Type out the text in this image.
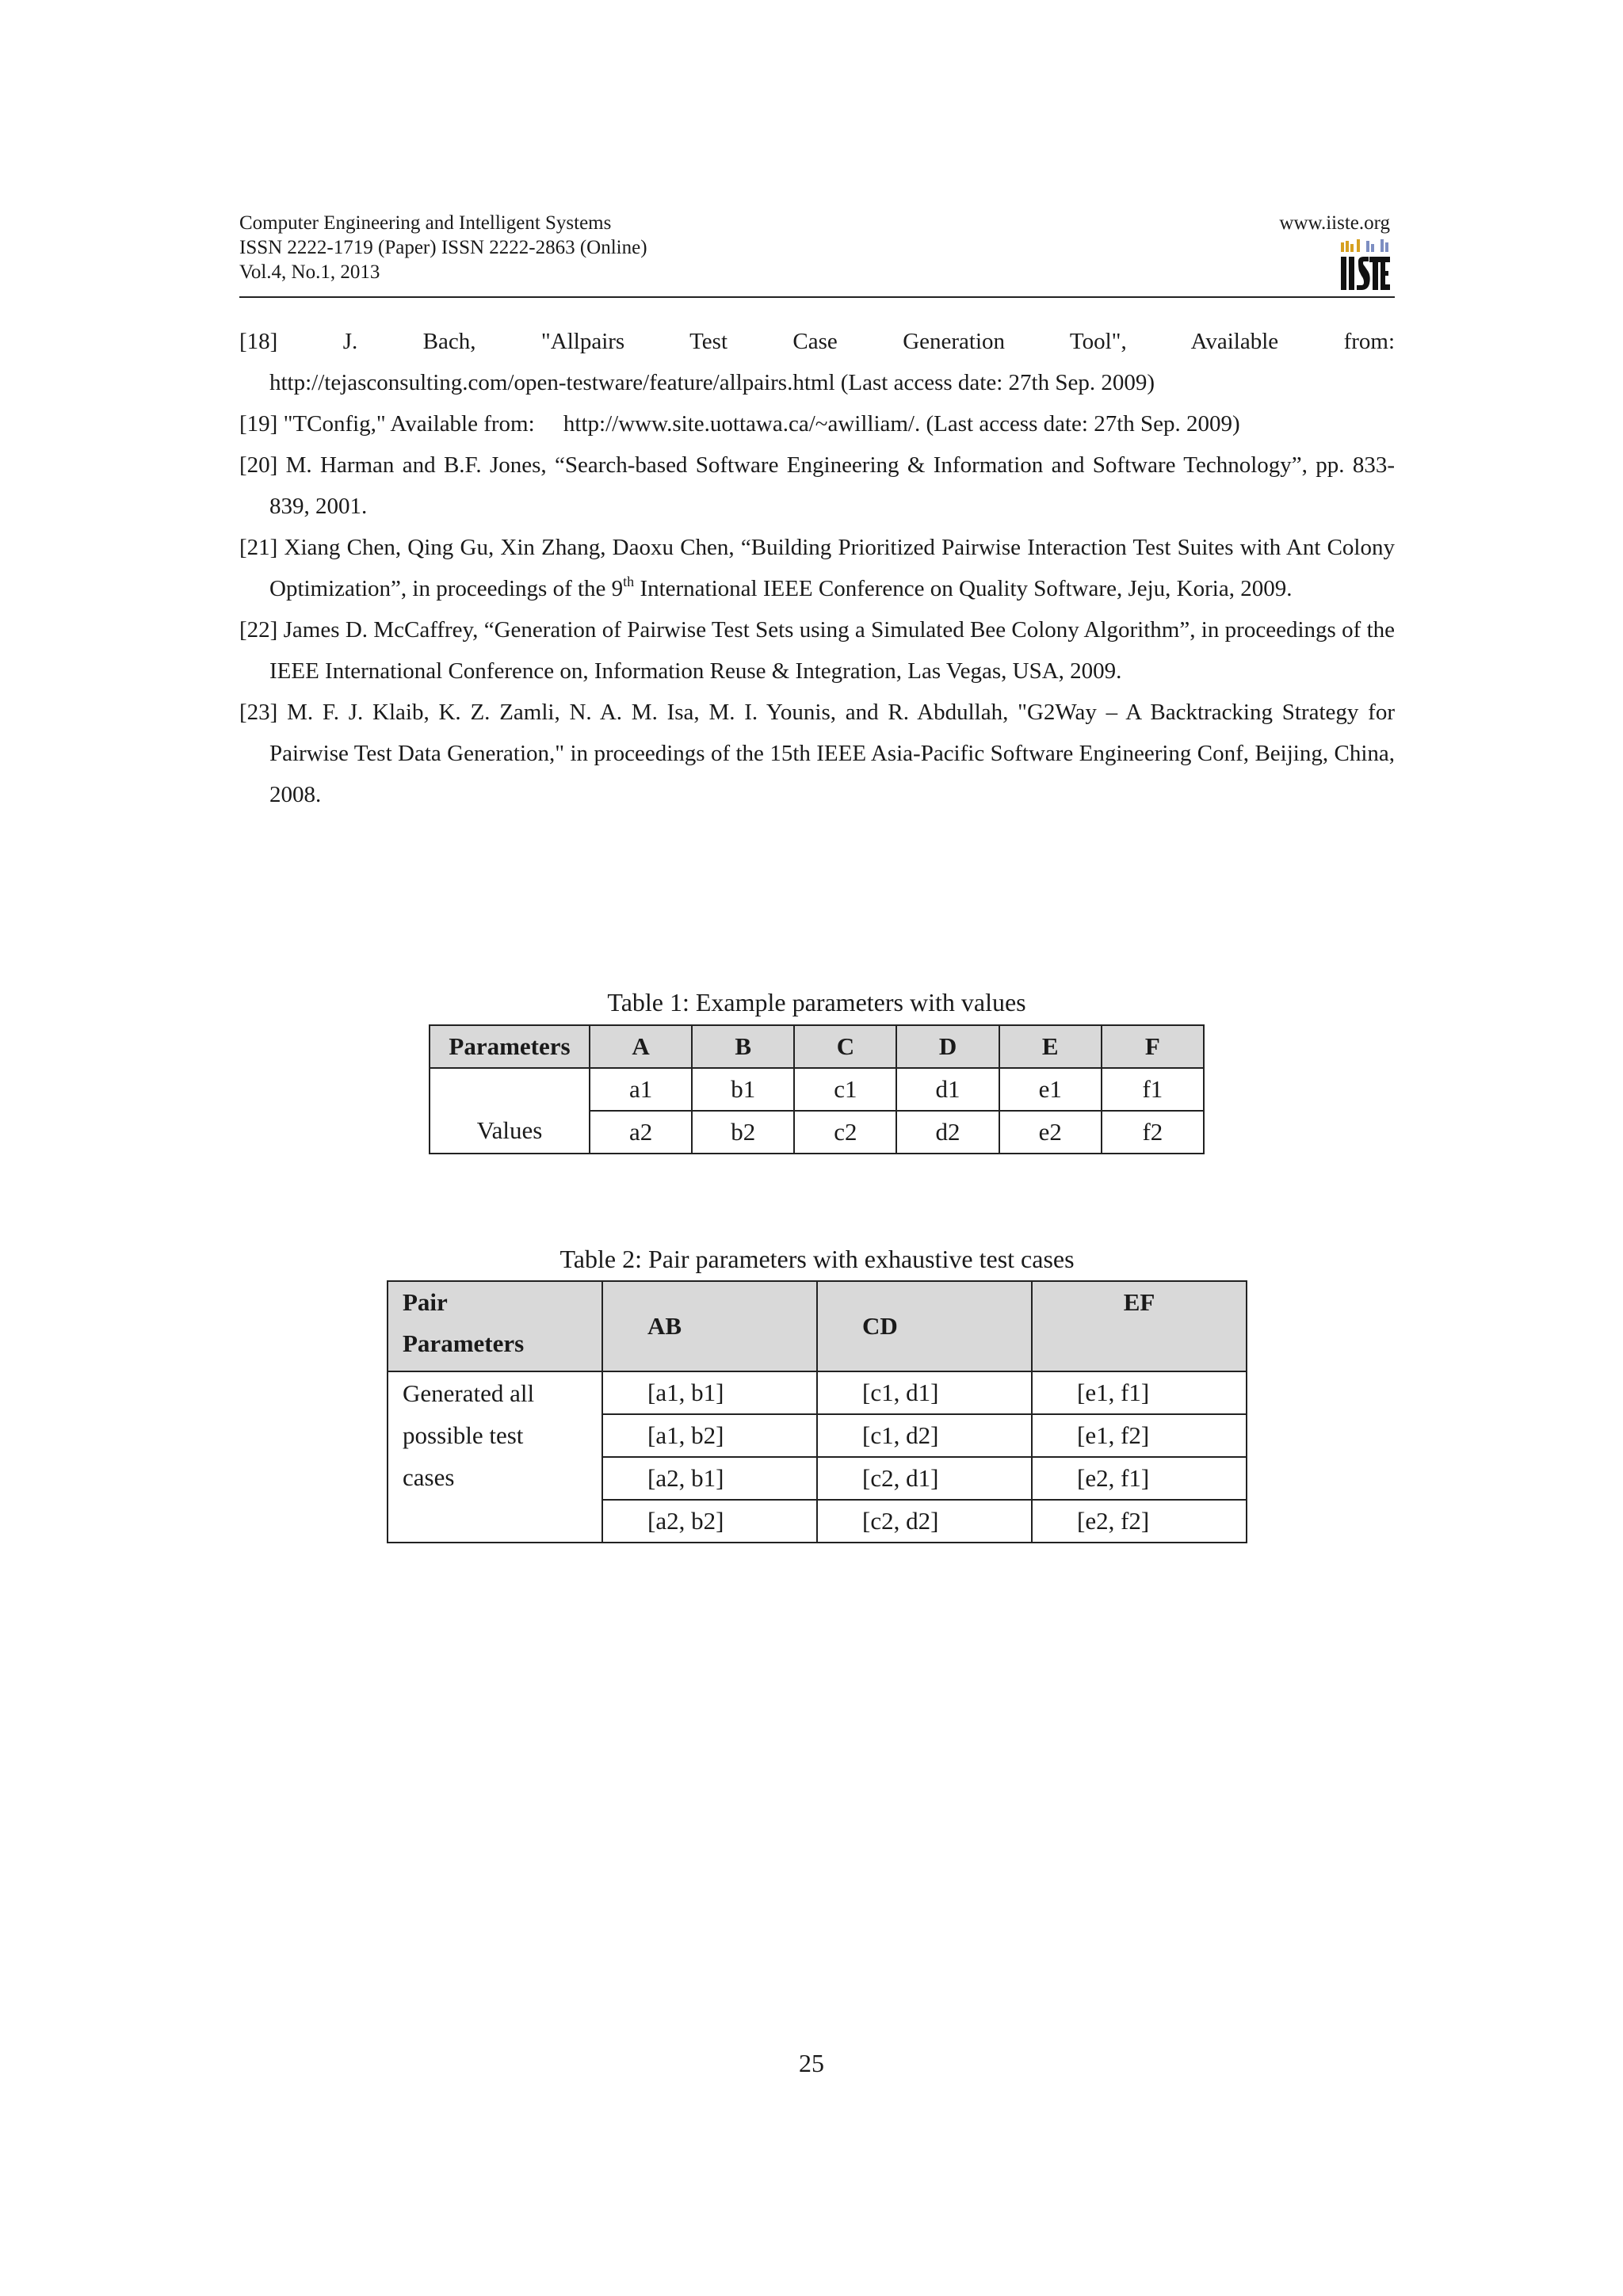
Computer Engineering and Intelligent Systems
ISSN 2222-1719 (Paper) ISSN 2222-2863 (Online)
Vol.4, No.1, 2013
www.iiste.org

[18] J. Bach, "Allpairs Test Case Generation Tool", Available from:

http://tejasconsulting.com/open-testware/feature/allpairs.html (Last access date: 27th Sep. 2009)

[19] "TConfig," Available from:     http://www.site.uottawa.ca/~awilliam/. (Last access date: 27th Sep. 2009)

[20] M. Harman and B.F. Jones, “Search-based Software Engineering & Information and Software Technology”, pp. 833-839, 2001.

[21] Xiang Chen, Qing Gu, Xin Zhang, Daoxu Chen, “Building Prioritized Pairwise Interaction Test Suites with Ant Colony Optimization”, in proceedings of the 9th International IEEE Conference on Quality Software, Jeju, Koria, 2009.

[22] James D. McCaffrey, “Generation of Pairwise Test Sets using a Simulated Bee Colony Algorithm”, in proceedings of the IEEE International Conference on, Information Reuse & Integration, Las Vegas, USA, 2009.

[23] M. F. J. Klaib, K. Z. Zamli, N. A. M. Isa, M. I. Younis, and R. Abdullah, "G2Way – A Backtracking Strategy for Pairwise Test Data Generation," in proceedings of the 15th IEEE Asia-Pacific Software Engineering Conf, Beijing, China, 2008.

Table 1: Example parameters with values
Parameters	A	B	C	D	E	F
Values	a1	b1	c1	d1	e1	f1
	a2	b2	c2	d2	e2	f2
Table 2: Pair parameters with exhaustive test cases
Pair
Parameters	AB	CD	EF

Generated all
possible test
cases	[a1, b1]	[c1, d1]	[e1, f1]
	[a1, b2]	[c1, d2]	[e1, f2]
	[a2, b1]	[c2, d1]	[e2, f1]
	[a2, b2]	[c2, d2]	[e2, f2]
25
